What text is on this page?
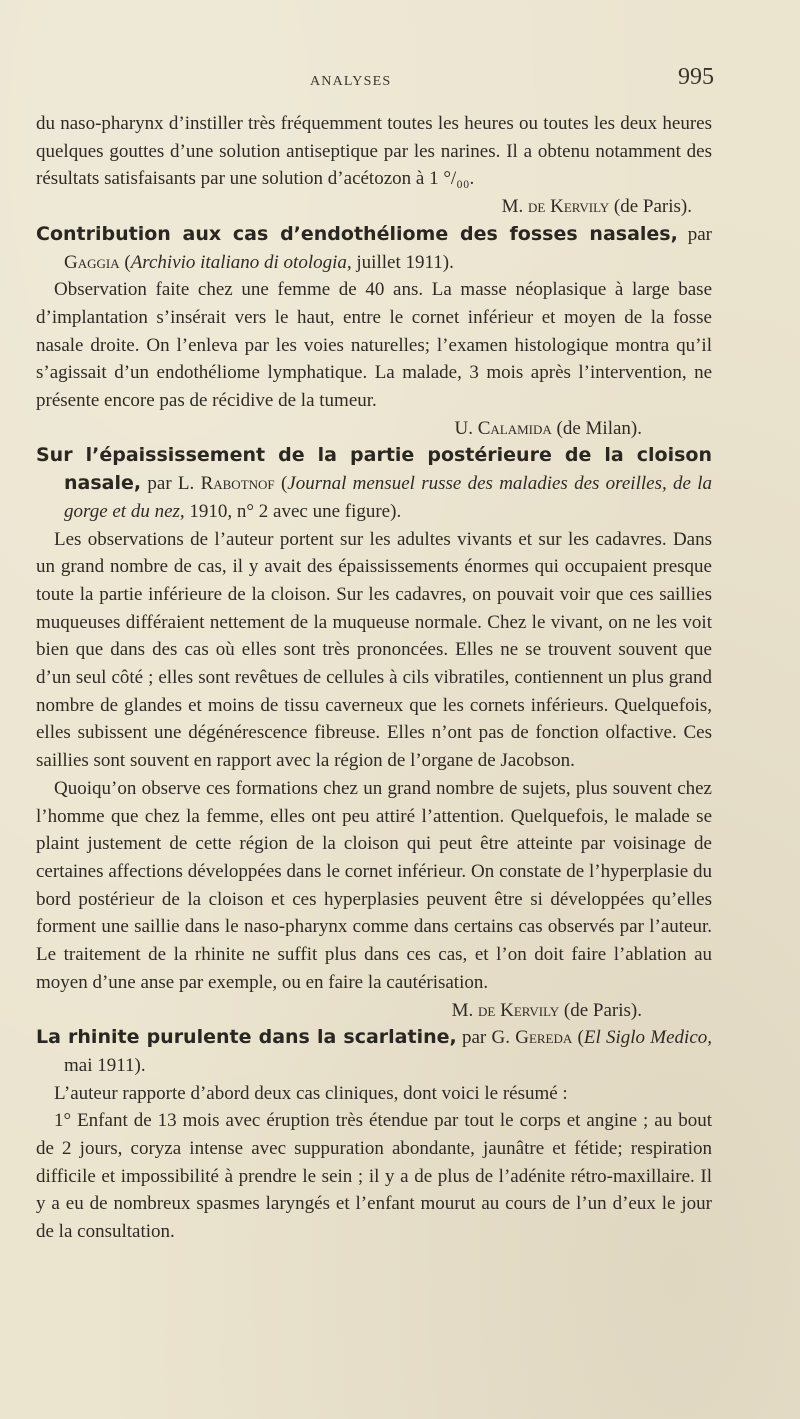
ANALYSES	995

du naso-pharynx d’instiller très fréquemment toutes les heures ou toutes les deux heures quelques gouttes d’une solution antiseptique par les narines. Il a obtenu notamment des résultats satisfaisants par une solution d’acétozon à 1 °/₀₀.

M. de Kervily (de Paris).

Contribution aux cas d’endothéliome des fosses nasales, par Gaggia (Archivio italiano di otologia, juillet 1911).

Observation faite chez une femme de 40 ans. La masse néoplasique à large base d’implantation s’insérait vers le haut, entre le cornet inférieur et moyen de la fosse nasale droite. On l’enleva par les voies naturelles; l’examen histologique montra qu’il s’agissait d’un endothéliome lymphatique. La malade, 3 mois après l’intervention, ne présente encore pas de récidive de la tumeur.

U. Calamida (de Milan).

Sur l’épaississement de la partie postérieure de la cloison nasale, par L. Rabotnof (Journal mensuel russe des maladies des oreilles, de la gorge et du nez, 1910, n° 2 avec une figure).

Les observations de l’auteur portent sur les adultes vivants et sur les cadavres. Dans un grand nombre de cas, il y avait des épaississements énormes qui occupaient presque toute la partie inférieure de la cloison. Sur les cadavres, on pouvait voir que ces saillies muqueuses différaient nettement de la muqueuse normale. Chez le vivant, on ne les voit bien que dans des cas où elles sont très prononcées. Elles ne se trouvent souvent que d’un seul côté ; elles sont revêtues de cellules à cils vibratiles, contiennent un plus grand nombre de glandes et moins de tissu caverneux que les cornets inférieurs. Quelquefois, elles subissent une dégénérescence fibreuse. Elles n’ont pas de fonction olfactive. Ces saillies sont souvent en rapport avec la région de l’organe de Jacobson.

Quoiqu’on observe ces formations chez un grand nombre de sujets, plus souvent chez l’homme que chez la femme, elles ont peu attiré l’attention. Quelquefois, le malade se plaint justement de cette région de la cloison qui peut être atteinte par voisinage de certaines affections développées dans le cornet inférieur. On constate de l’hyperplasie du bord postérieur de la cloison et ces hyperplasies peuvent être si développées qu’elles forment une saillie dans le naso-pharynx comme dans certains cas observés par l’auteur. Le traitement de la rhinite ne suffit plus dans ces cas, et l’on doit faire l’ablation au moyen d’une anse par exemple, ou en faire la cautérisation.

M. de Kervily (de Paris).

La rhinite purulente dans la scarlatine, par G. Gereda (El Siglo Medico, mai 1911).

L’auteur rapporte d’abord deux cas cliniques, dont voici le résumé :

1° Enfant de 13 mois avec éruption très étendue par tout le corps et angine ; au bout de 2 jours, coryza intense avec suppuration abondante, jaunâtre et fétide; respiration difficile et impossibilité à prendre le sein ; il y a de plus de l’adénite rétro-maxillaire. Il y a eu de nombreux spasmes laryngés et l’enfant mourut au cours de l’un d’eux le jour de la consultation.
